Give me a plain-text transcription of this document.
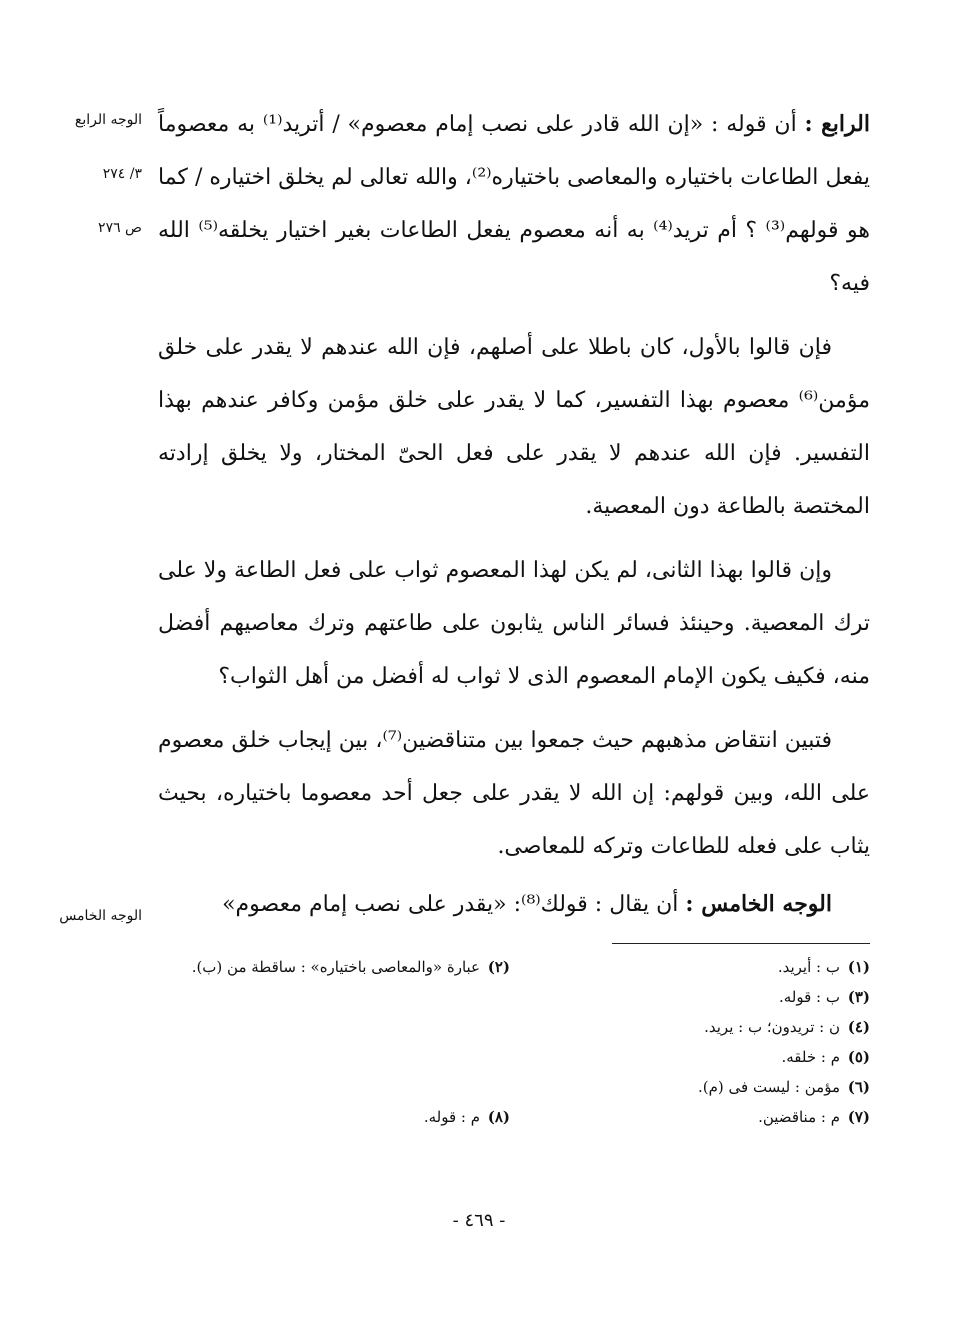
الوجه الرابع
٣/ ٢٧٤
ص ٢٧٦
الوجه الخامس

الرابع : أن قوله : «إن الله قادر على نصب إمام معصوم» / أتريد⁽¹⁾ به معصوماً يفعل الطاعات باختياره والمعاصى باختياره⁽²⁾، والله تعالى لم يخلق اختياره / كما هو قولهم⁽³⁾ ؟ أم تريد⁽⁴⁾ به أنه معصوم يفعل الطاعات بغير اختيار يخلقه⁽⁵⁾ الله فيه؟

فإن قالوا بالأول، كان باطلا على أصلهم، فإن الله عندهم لا يقدر على خلق مؤمن⁽⁶⁾ معصوم بهذا التفسير، كما لا يقدر على خلق مؤمن وكافر عندهم بهذا التفسير. فإن الله عندهم لا يقدر على فعل الحىّ المختار، ولا يخلق إرادته المختصة بالطاعة دون المعصية.

وإن قالوا بهذا الثانى، لم يكن لهذا المعصوم ثواب على فعل الطاعة ولا على ترك المعصية. وحينئذ فسائر الناس يثابون على طاعتهم وترك معاصيهم أفضل منه، فكيف يكون الإمام المعصوم الذى لا ثواب له أفضل من أهل الثواب؟

فتبين انتقاض مذهبهم حيث جمعوا بين متناقضين⁽⁷⁾، بين إيجاب خلق معصوم على الله، وبين قولهم: إن الله لا يقدر على جعل أحد معصوما باختياره، بحيث يثاب على فعله للطاعات وتركه للمعاصى.

الوجه الخامس : أن يقال : قولك⁽⁸⁾: «يقدر على نصب إمام معصوم»

(١)ب : أيريد.
(٢)عبارة «والمعاصى باختياره» : ساقطة من (ب).
(٣)ب : قوله.
(٤)ن : تريدون؛ ب : يريد.
(٥)م : خلقه.
(٦)مؤمن : ليست فى (م).
(٧)م : مناقضين.
(٨)م : قوله.
- ٤٦٩ -
